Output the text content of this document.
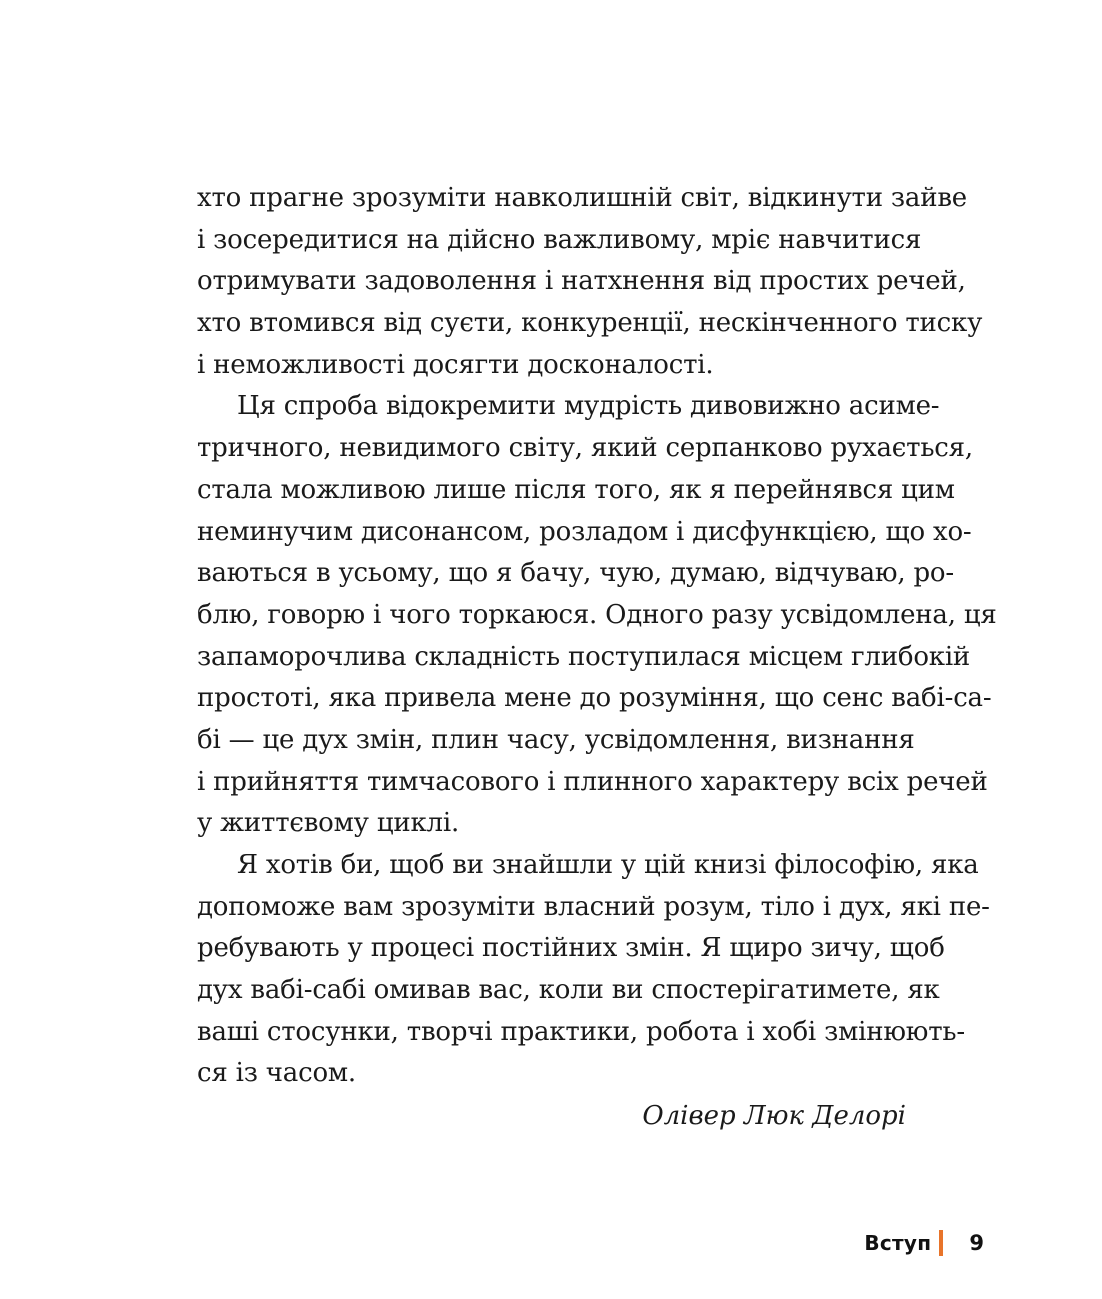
хто прагне зрозуміти навколишній світ, відкинути зайве
і зосередитися на дійсно важливому, мріє навчитися
отримувати задоволення і натхнення від простих речей,
хто втомився від суєти, конкуренції, нескінченного тиску
і неможливості досягти досконалості.
Ця спроба відокремити мудрість дивовижно асиме-
тричного, невидимого світу, який серпанково рухається,
стала можливою лише після того, як я перейнявся цим
неминучим дисонансом, розладом і дисфункцією, що хо-
ваються в усьому, що я бачу, чую, думаю, відчуваю, ро-
блю, говорю і чого торкаюся. Одного разу усвідомлена, ця
запаморочлива складність поступилася місцем глибокій
простоті, яка привела мене до розуміння, що сенс вабі-са-
бі — це дух змін, плин часу, усвідомлення, визнання
і прийняття тимчасового і плинного характеру всіх речей
у життєвому циклі.
Я хотів би, щоб ви знайшли у цій книзі філософію, яка
допоможе вам зрозуміти власний розум, тіло і дух, які пе-
ребувають у процесі постійних змін. Я щиро зичу, щоб
дух вабі-сабі омивав вас, коли ви спостерігатимете, як
ваші стосунки, творчі практики, робота і хобі змінюють-
ся із часом.
Олівер Люк Делорі
Вступ 9
